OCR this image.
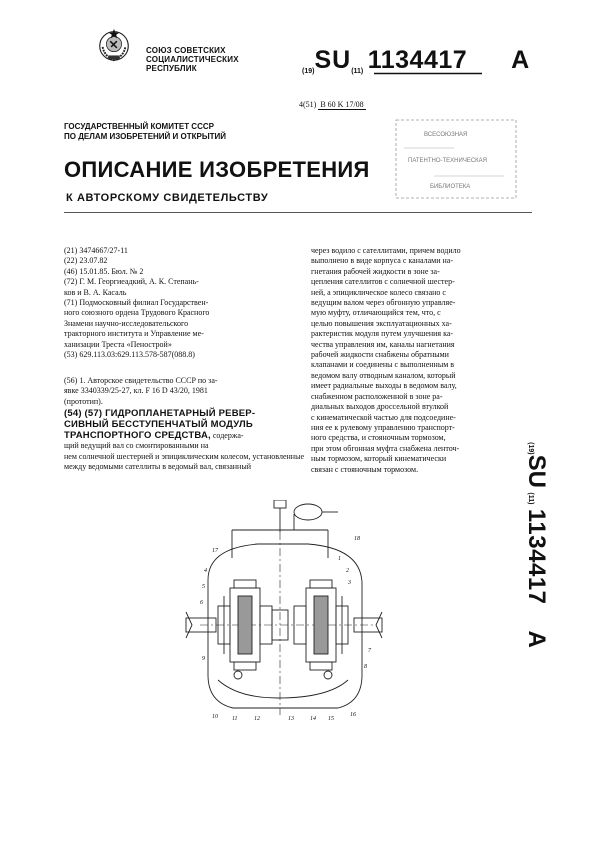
СОЮЗ СОВЕТСКИХ
СОЦИАЛИСТИЧЕСКИХ
РЕСПУБЛИК	(19)SU(11) 1134417 A
4(51) B 60 K 17/08
ГОСУДАРСТВЕННЫЙ КОМИТЕТ СССР
ПО ДЕЛАМ ИЗОБРЕТЕНИЙ И ОТКРЫТИЙ
ОПИСАНИЕ ИЗОБРЕТЕНИЯ
К АВТОРСКОМУ СВИДЕТЕЛЬСТВУ
ВСЕСОЮЗНАЯ
ПАТЕНТНО-ТЕХНИЧЕСКАЯ
БИБЛИОТЕКА
(21) 3474667/27-11
(22) 23.07.82
(46) 15.01.85. Бюл. № 2
(72) Г. М. Георгиеадкий, А. К. Степань-
ков и В. А. Касаль
(71) Подмосковный филиал Государствен-
ного союзного ордена Трудового Красного
Знамени научно-исследовательского
тракторного института и Управление ме-
ханизации Треста «Пенострой»
(53) 629.113.03:629.113.578-587(088.8)
(56) 1. Авторское свидетельство СССР по за-
явке 3340339/25-27, кл. F 16 D 43/20, 1981
(прототип).
(54) (57) ГИДРОПЛАНЕТАРНЫЙ РЕВЕР-
СИВНЫЙ БЕССТУПЕНЧАТЫЙ МОДУЛЬ
ТРАНСПОРТНОГО СРЕДСТВА, содержа-
щий ведущий вал со смонтированными на
нем солнечной шестерней и эпициклическим колесом, установленные между ведомыми сателлиты в ведомый вал, связанный
через водило с сателлитами, причем водило
выполнено в виде корпуса с каналами на-
гнетания рабочей жидкости в зоне за-
цепления сателлитов с солнечной шестер-
ней, а эпициклическое колесо связано с
ведущим валом через обгонную управляе-
мую муфту, отличающийся тем, что, с
целью повышения эксплуатационных ха-
рактеристик модуля путем улучшения ка-
чества управления им, каналы нагнетания
рабочей жидкости снабжены обратными
клапанами и соединены с выполненным в
ведомом валу отводным каналом, который
имеет радиальные выходы в ведомом валу,
снабженном расположенной в зоне ра-
диальных выходов дроссельной втулкой
с кинематической частью для подсоедине-
ния ее к рулевому управлению транспорт-
ного средства, и стояночным тормозом,
при этом обгонная муфта снабжена ленточ-
ным тормозом, который кинематически
связан с стояночным тормозом.
(19)SU (11) 1134417A
17
18
1
2
3
4
5
6
7
8
9
10 11	12	13	14 15
16
